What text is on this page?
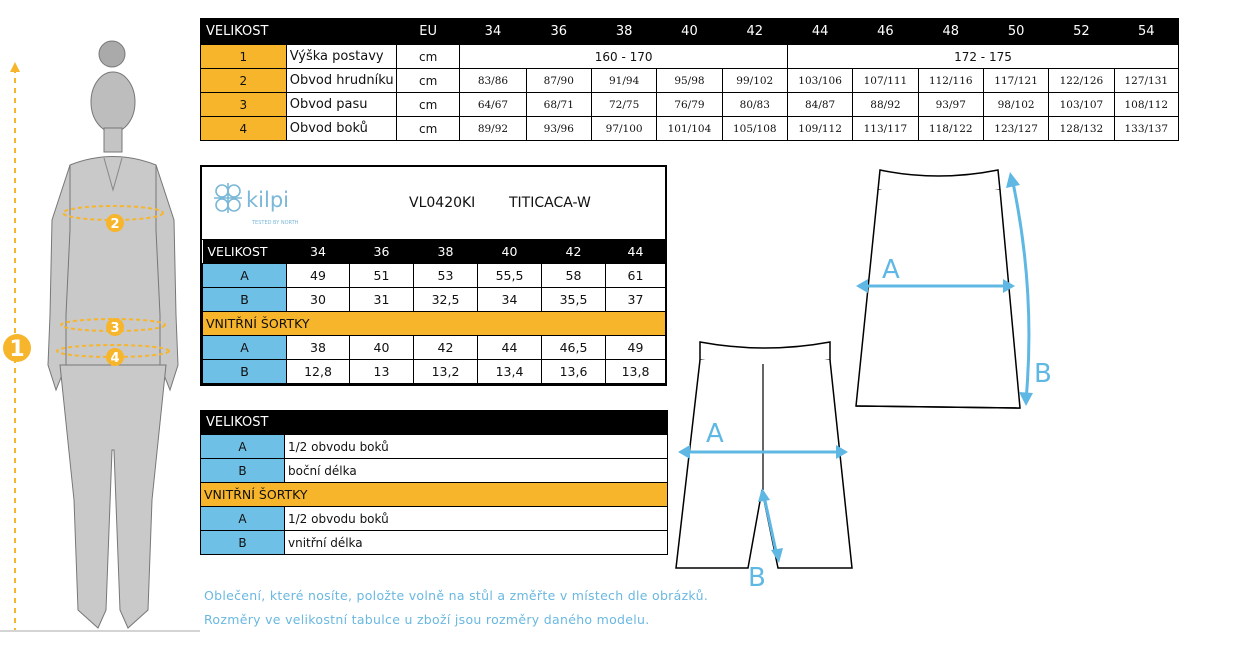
1
2
3
4
VELIKOST		EU	34	36	38	40	42	44	46	48	50	52	54
1	Výška postavy	cm	160 - 170					172 - 175					
2	Obvod hrudníku	cm	83/86	87/90	91/94	95/98	99/102	103/106	107/111	112/116	117/121	122/126	127/131
3	Obvod pasu	cm	64/67	68/71	72/75	76/79	80/83	84/87	88/92	93/97	98/102	103/107	108/112
4	Obvod boků	cm	89/92	93/96	97/100	101/104	105/108	109/112	113/117	118/122	123/127	128/132	133/137
kilpi
TESTED BY NORTH
VL0420KI TITICACA-W
VELIKOST	34	36	38	40	42	44
A	49	51	53	55,5	58	61
B	30	31	32,5	34	35,5	37
VNITŘNÍ ŠORTKY						
A	38	40	42	44	46,5	49
B	12,8	13	13,2	13,4	13,6	13,8
VELIKOST	
A	1/2 obvodu boků
B	boční délka
VNITŘNÍ ŠORTKY	
A	1/2 obvodu boků
B	vnitřní délka
A
B
A
B
Oblečení, které nosíte, položte volně na stůl a změřte v místech dle obrázků.
Rozměry ve velikostní tabulce u zboží jsou rozměry daného modelu.
